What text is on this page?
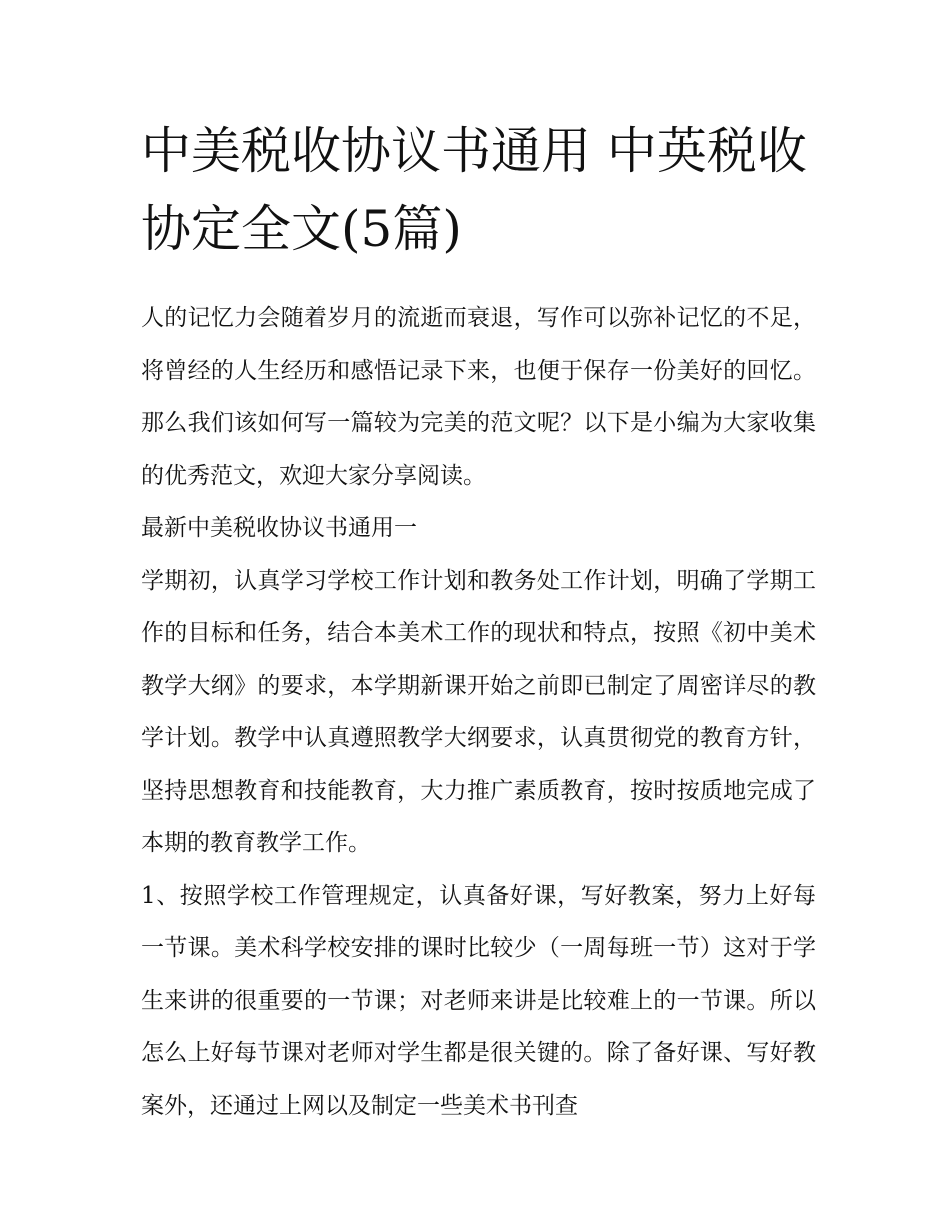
中美税收协议书通用 中英税收协定全文(5篇)

人的记忆力会随着岁月的流逝而衰退，写作可以弥补记忆的不足，将曾经的人生经历和感悟记录下来，也便于保存一份美好的回忆。那么我们该如何写一篇较为完美的范文呢？以下是小编为大家收集的优秀范文，欢迎大家分享阅读。

最新中美税收协议书通用一

学期初，认真学习学校工作计划和教务处工作计划，明确了学期工作的目标和任务，结合本美术工作的现状和特点，按照《初中美术教学大纲》的要求，本学期新课开始之前即已制定了周密详尽的教学计划。教学中认真遵照教学大纲要求，认真贯彻党的教育方针，坚持思想教育和技能教育，大力推广素质教育，按时按质地完成了本期的教育教学工作。

1、按照学校工作管理规定，认真备好课，写好教案，努力上好每一节课。美术科学校安排的课时比较少（一周每班一节）这对于学生来讲的很重要的一节课；对老师来讲是比较难上的一节课。所以怎么上好每节课对老师对学生都是很关键的。除了备好课、写好教案外，还通过上网以及制定一些美术书刊查
